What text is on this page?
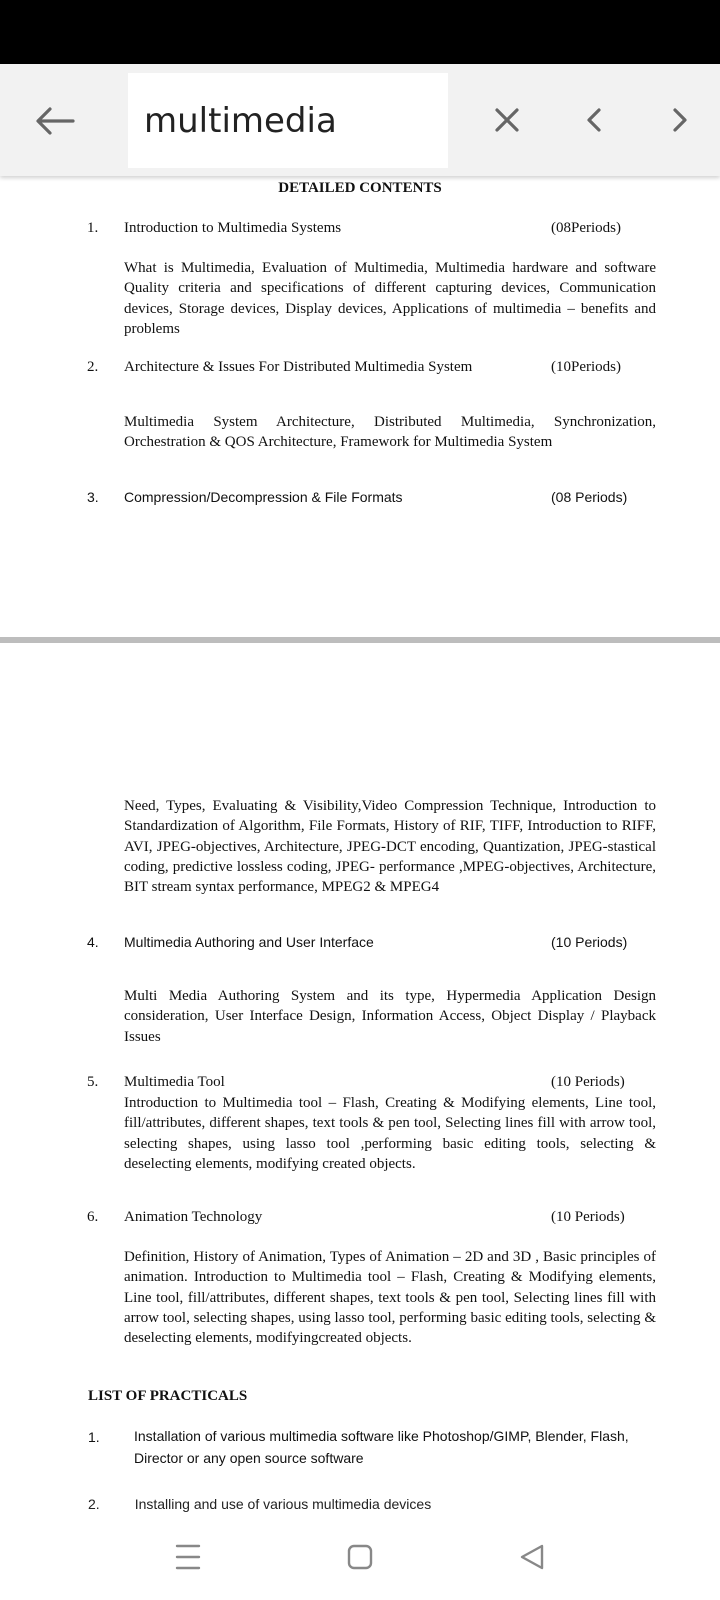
multimedia
DETAILED CONTENTS
1. Introduction to Multimedia Systems	(08Periods)
What is Multimedia, Evaluation of Multimedia, Multimedia hardware and software Quality criteria and specifications of different capturing devices, Communication devices, Storage devices, Display devices, Applications of multimedia – benefits and problems
2. Architecture & Issues For Distributed Multimedia System	(10Periods)
Multimedia System Architecture, Distributed Multimedia, Synchronization, Orchestration & QOS Architecture, Framework for Multimedia System
3. Compression/Decompression & File Formats	(08 Periods)
Need, Types, Evaluating & Visibility,Video Compression Technique, Introduction to Standardization of Algorithm, File Formats, History of RIF, TIFF, Introduction to RIFF, AVI, JPEG-objectives, Architecture, JPEG-DCT encoding, Quantization, JPEG-stastical coding, predictive lossless coding, JPEG- performance ,MPEG-objectives, Architecture, BIT stream syntax performance, MPEG2 & MPEG4
4. Multimedia Authoring and User Interface	(10 Periods)
Multi Media Authoring System and its type, Hypermedia Application Design consideration, User Interface Design, Information Access, Object Display / Playback Issues
5. Multimedia Tool	(10 Periods)
Introduction to Multimedia tool – Flash, Creating & Modifying elements, Line tool, fill/attributes, different shapes, text tools & pen tool, Selecting lines fill with arrow tool, selecting shapes, using lasso tool ,performing basic editing tools, selecting & deselecting elements, modifying created objects.
6. Animation Technology	(10 Periods)
Definition, History of Animation, Types of Animation – 2D and 3D , Basic principles of animation. Introduction to Multimedia tool – Flash, Creating & Modifying elements, Line tool, fill/attributes, different shapes, text tools & pen tool, Selecting lines fill with arrow tool, selecting shapes, using lasso tool, performing basic editing tools, selecting & deselecting elements, modifyingcreated objects.
LIST OF PRACTICALS
1. Installation of various multimedia software like Photoshop/GIMP, Blender, Flash, Director or any open source software
2.	Installing and use of various multimedia devices
